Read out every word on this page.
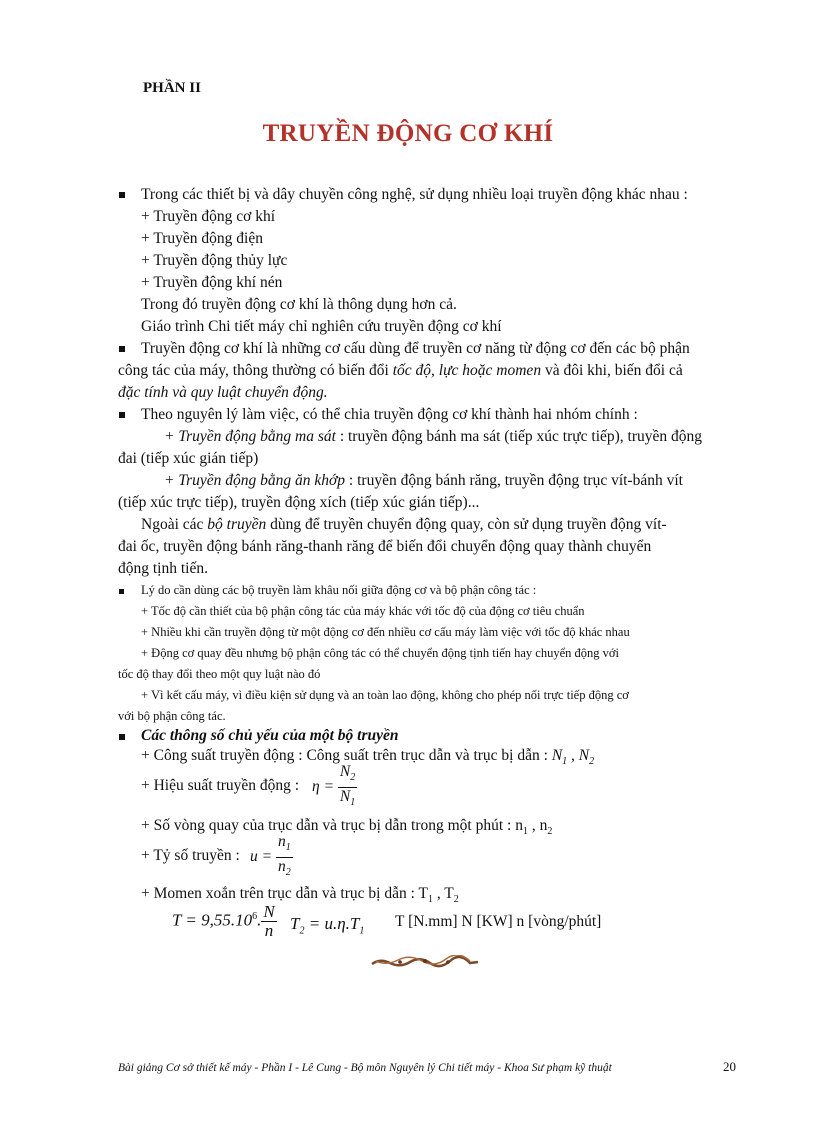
PHẦN II
TRUYỀN ĐỘNG CƠ KHÍ
Trong các thiết bị và dây chuyền công nghệ, sử dụng nhiều loại truyền động khác nhau :
+ Truyền động cơ khí
+ Truyền động điện
+ Truyền động thủy lực
+ Truyền động khí nén
Trong đó truyền động cơ khí là thông dụng hơn cả.
Giáo trình Chi tiết máy chỉ nghiên cứu truyền động cơ khí
Truyền động cơ khí là những cơ cấu dùng để truyền cơ năng từ động cơ đến các bộ phận
công tác của máy, thông thường có biến đổi tốc độ, lực hoặc momen và đôi khi, biến đổi cả
đặc tính và quy luật chuyển động.
Theo nguyên lý làm việc, có thể chia truyền động cơ khí thành hai nhóm chính :
+ Truyền động bằng ma sát : truyền động bánh ma sát (tiếp xúc trực tiếp), truyền động
đai (tiếp xúc gián tiếp)
+ Truyền động bằng ăn khớp : truyền động bánh răng, truyền động trục vít-bánh vít
(tiếp xúc trực tiếp), truyền động xích (tiếp xúc gián tiếp)...
Ngoài các bộ truyền dùng để truyền chuyển động quay, còn sử dụng truyền động vít-
đai ốc, truyền động bánh răng-thanh răng để biến đổi chuyển động quay thành chuyển
động tịnh tiến.
Lý do cần dùng các bộ truyền làm khâu nối giữa động cơ và bộ phận công tác :
+ Tốc độ cần thiết của bộ phận công tác của máy khác với tốc độ của động cơ tiêu chuẩn
+ Nhiều khi cần truyền động từ một động cơ đến nhiều cơ cấu máy làm việc với tốc độ khác nhau
+ Động cơ quay đều nhưng bộ phận công tác có thể chuyển động tịnh tiến hay chuyển động với
tốc độ thay đổi theo một quy luật nào đó
+ Vì kết cấu máy, vì điều kiện sử dụng và an toàn lao động, không cho phép nối trực tiếp động cơ
với bộ phận công tác.
Các thông số chủ yếu của một bộ truyền
+ Công suất truyền động : Công suất trên trục dẫn và trục bị dẫn : $N_1$ , $N_2$
+ Hiệu suất truyền động : $\eta = \frac{N_2}{N_1}$
+ Số vòng quay của trục dẫn và trục bị dẫn trong một phút : $n_1$ , $n_2$
+ Tỷ số truyền : $u = \frac{n_1}{n_2}$
+ Momen xoắn trên trục dẫn và trục bị dẫn : $T_1$ , $T_2$
$T = 9,55.10^6$. $\frac{N}{n} T_2 = u.\eta.T_1$
T [N.mm] N [KW] n [vòng/phút]
Bài giảng Cơ sở thiết kế máy - Phần I - Lê Cung - Bộ môn Nguyên lý Chi tiết máy - Khoa Sư phạm kỹ thuật	20
